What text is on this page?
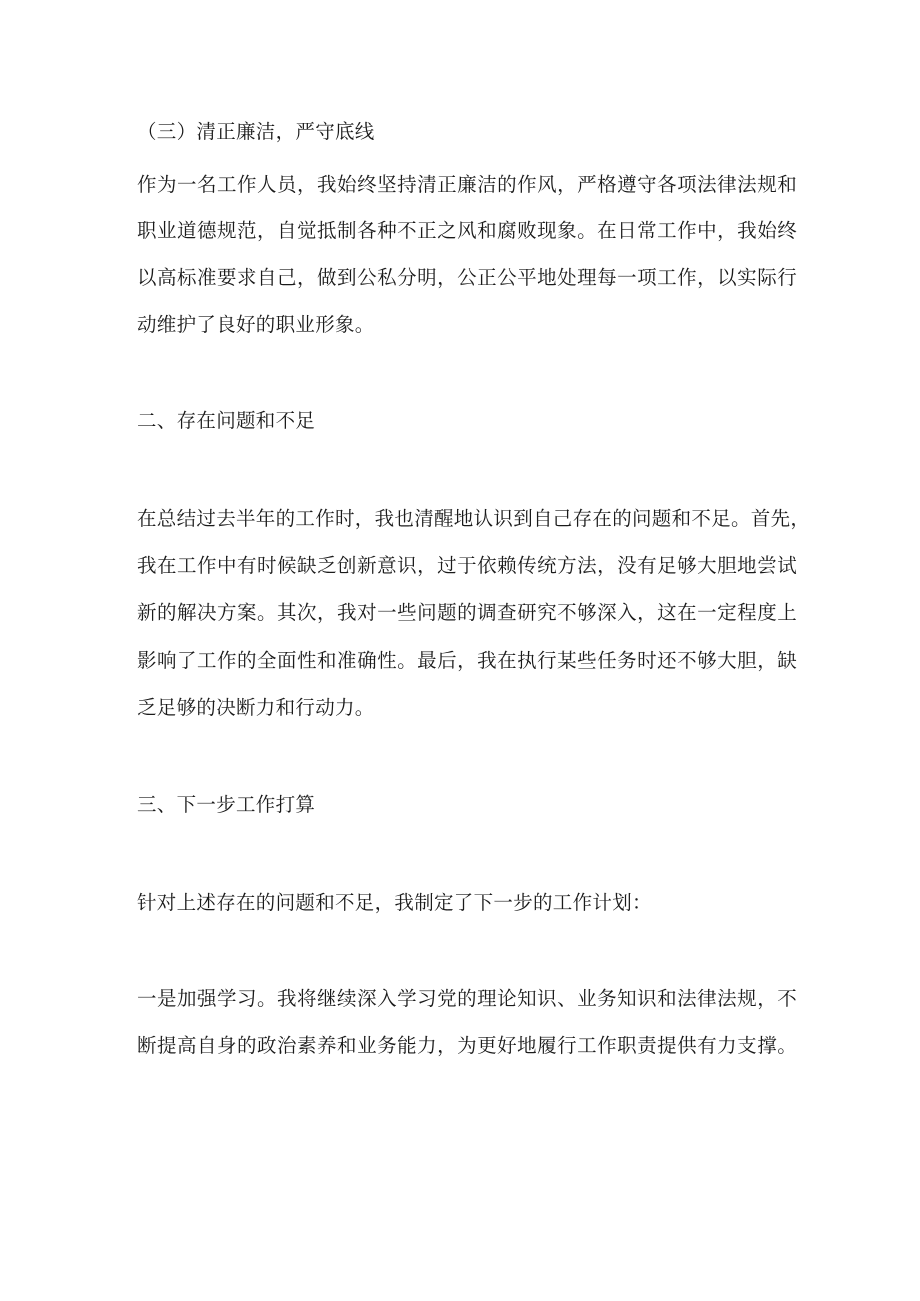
（三）清正廉洁，严守底线
作为一名工作人员，我始终坚持清正廉洁的作风，严格遵守各项法律法规和
职业道德规范，自觉抵制各种不正之风和腐败现象。在日常工作中，我始终
以高标准要求自己，做到公私分明，公正公平地处理每一项工作，以实际行
动维护了良好的职业形象。
二、存在问题和不足
在总结过去半年的工作时，我也清醒地认识到自己存在的问题和不足。首先，
我在工作中有时候缺乏创新意识，过于依赖传统方法，没有足够大胆地尝试
新的解决方案。其次，我对一些问题的调查研究不够深入，这在一定程度上
影响了工作的全面性和准确性。最后，我在执行某些任务时还不够大胆，缺
乏足够的决断力和行动力。
三、下一步工作打算
针对上述存在的问题和不足，我制定了下一步的工作计划：
一是加强学习。我将继续深入学习党的理论知识、业务知识和法律法规，不
断提高自身的政治素养和业务能力，为更好地履行工作职责提供有力支撑。
